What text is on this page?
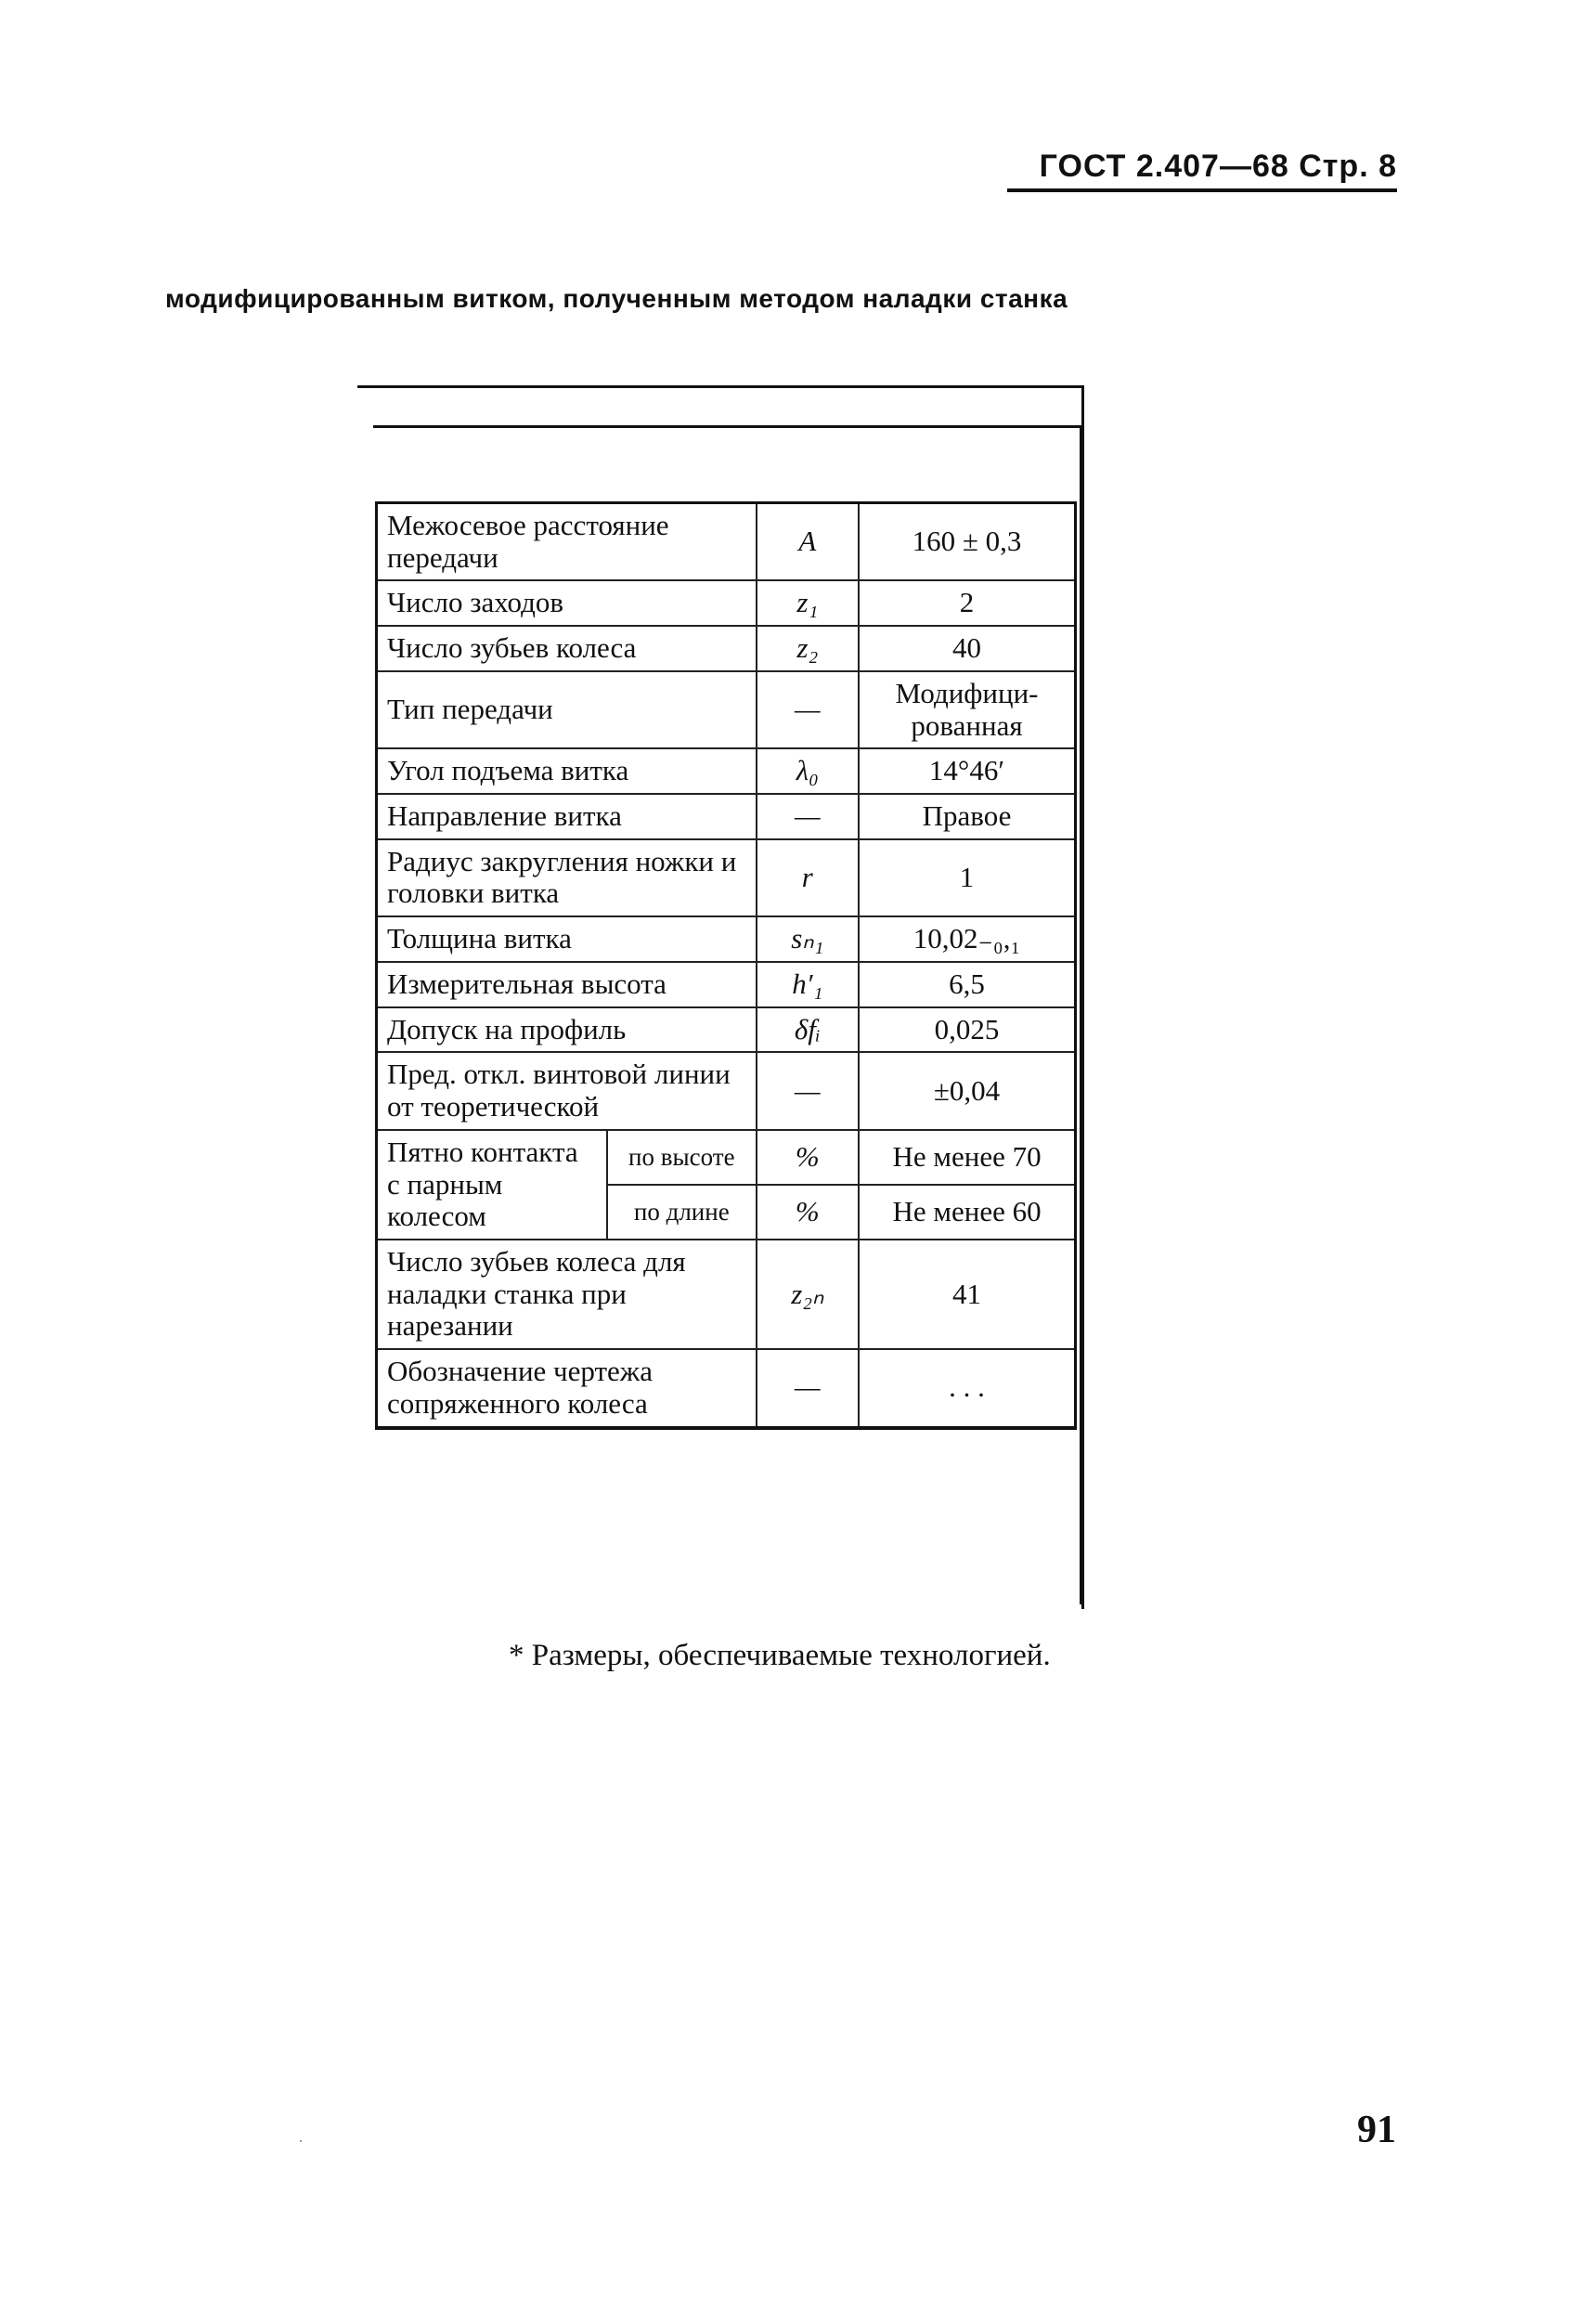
ГОСТ 2.407—68 Стр. 8
модифицированным витком, полученным методом наладки станка
Межосевое расстояние передачи		A	160 ± 0,3
Число заходов		z₁	2
Число зубьев колеса		z₂	40
Тип передачи		—	Модифици-рованная
Угол подъема витка		λ₀	14°46′
Направление витка		—	Правое
Радиус закругления ножки и головки витка		r	1
Толщина витка		sₙ₁	10,02₋₀,₁
Измерительная высота		h′₁	6,5
Допуск на профиль		δfᵢ	0,025
Пред. откл. винтовой линии от теоретической		—	±0,04
Пятно контакта с парным колесом	по высоте	%	Не менее 70
	по длине	%	Не менее 60
Число зубьев колеса для наладки станка при нарезании		z₂ₙ	41
Обозначение чертежа сопряженного колеса		—	. . .
* Размеры, обеспечиваемые технологией.
91
